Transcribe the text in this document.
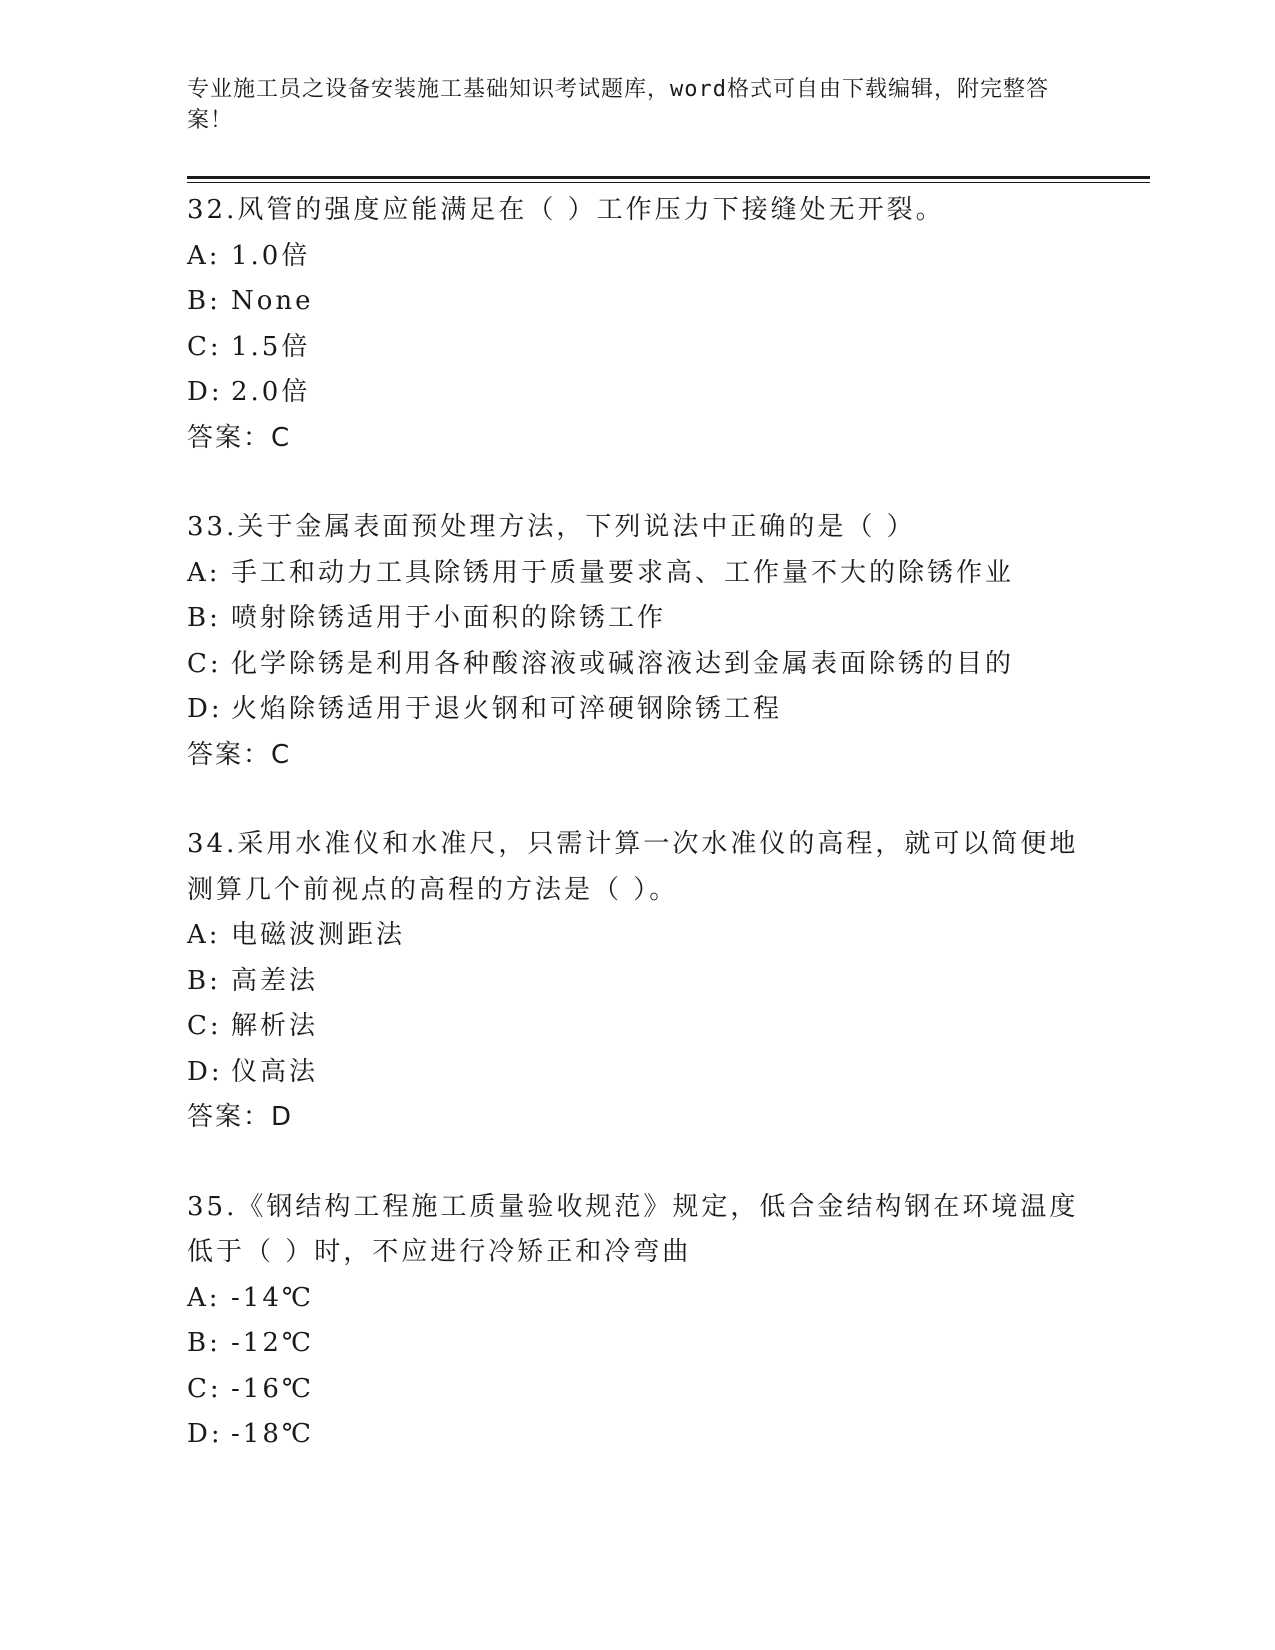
专业施工员之设备安装施工基础知识考试题库，word格式可自由下载编辑，附完整答案！

32.风管的强度应能满足在（ ）工作压力下接缝处无开裂。

A: 1.0倍
B: None
C: 1.5倍
D: 2.0倍
答案：C

33.关于金属表面预处理方法，下列说法中正确的是（ ）

A: 手工和动力工具除锈用于质量要求高、工作量不大的除锈作业
B: 喷射除锈适用于小面积的除锈工作
C: 化学除锈是利用各种酸溶液或碱溶液达到金属表面除锈的目的
D: 火焰除锈适用于退火钢和可淬硬钢除锈工程
答案：C

34.采用水准仪和水准尺，只需计算一次水准仪的高程，就可以简便地测算几个前视点的高程的方法是（ ）。

A: 电磁波测距法
B: 高差法
C: 解析法
D: 仪高法
答案：D

35.《钢结构工程施工质量验收规范》规定，低合金结构钢在环境温度低于（ ）时，不应进行冷矫正和冷弯曲

A: -14℃
B: -12℃
C: -16℃
D: -18℃
